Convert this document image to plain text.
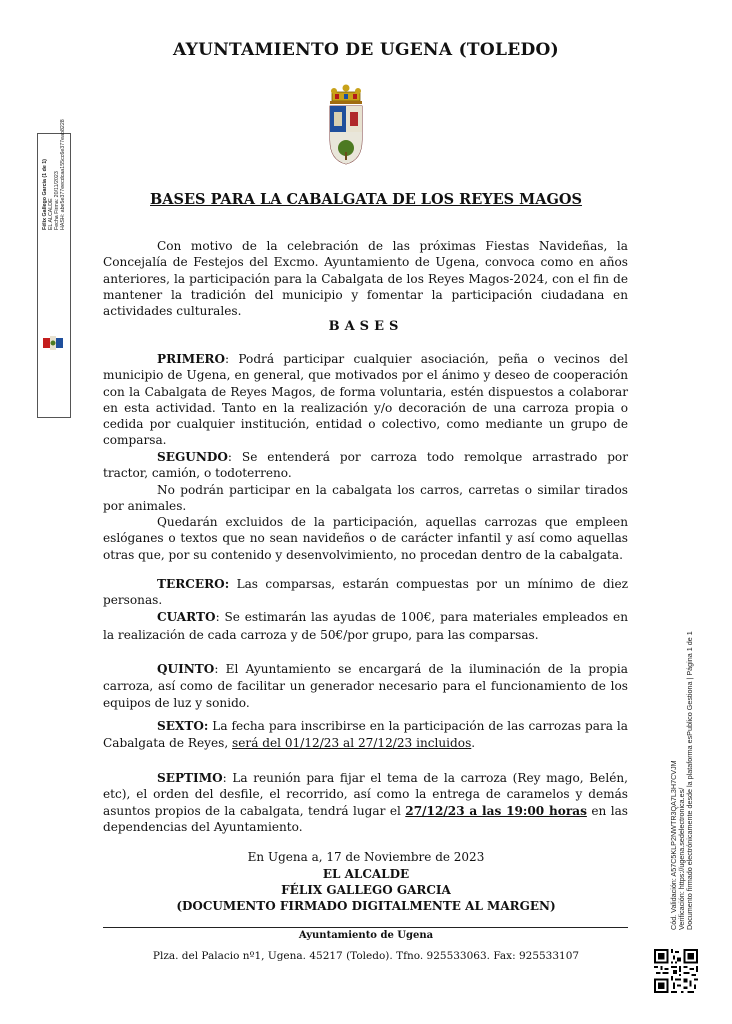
AYUNTAMIENTO DE UGENA (TOLEDO)
BASES PARA LA CABALGATA DE LOS REYES MAGOS

Con motivo de la celebración de las próximas Fiestas Navideñas, la Concejalía de Festejos del Excmo. Ayuntamiento de Ugena, convoca como en años anteriores, la participación para la Cabalgata de los Reyes Magos-2024, con el fin de mantener la tradición del municipio y fomentar la participación ciudadana en actividades culturales.

BASES

PRIMERO: Podrá participar cualquier asociación, peña o vecinos del municipio de Ugena, en general, que motivados por el ánimo y deseo de cooperación con la Cabalgata de Reyes Magos, de forma voluntaria, estén dispuestos a colaborar en esta actividad. Tanto en la realización y/o decoración de una carroza propia o cedida por cualquier institución, entidad o colectivo, como mediante un grupo de comparsa.

SEGUNDO: Se entenderá por carroza todo remolque arrastrado por tractor, camión, o todoterreno.
No podrán participar en la cabalgata los carros, carretas o similar tirados por animales.
Quedarán excluidos de la participación, aquellas carrozas que empleen eslóganes o textos que no sean navideños o de carácter infantil y así como aquellas otras que, por su contenido y desenvolvimiento, no procedan dentro de la cabalgata.

TERCERO: Las comparsas, estarán compuestas por un mínimo de diez personas.

CUARTO: Se estimarán las ayudas de 100€, para materiales empleados en la realización de cada carroza y de 50€/por grupo, para las comparsas.

QUINTO: El Ayuntamiento se encargará de la iluminación de la propia carroza, así como de facilitar un generador necesario para el funcionamiento de los equipos de luz y sonido.

SEXTO: La fecha para inscribirse en la participación de las carrozas para la Cabalgata de Reyes, será del 01/12/23 al 27/12/23 incluidos.

SEPTIMO: La reunión para fijar el tema de la carroza (Rey mago, Belén, etc), el orden del desfile, el recorrido, así como la entrega de caramelos y demás asuntos propios de la cabalgata, tendrá lugar el 27/12/23 a las 19:00 horas en las dependencias del Ayuntamiento.

En Ugena a, 17 de Noviembre de 2023
EL ALCALDE
FÉLIX GALLEGO GARCIA
(DOCUMENTO FIRMADO DIGITALMENTE AL MARGEN)
Ayuntamiento de Ugena
Plza. del Palacio nº1, Ugena. 45217 (Toledo). Tfno. 925533063. Fax: 925533107
Félix Gallego Garcia (1 de 1) EL ALCALDE Fecha Firma: 20/11/2023 HASH: abe5e377eecdcaa155cc6e377eab8228
Cód. Validación: A57C5KLP2NWTR3QA7L3H7CVJM Verificación: https://ugena.sedelectronica.es/ Documento firmado electrónicamente desde la plataforma esPublico Gestiona | Página 1 de 1
